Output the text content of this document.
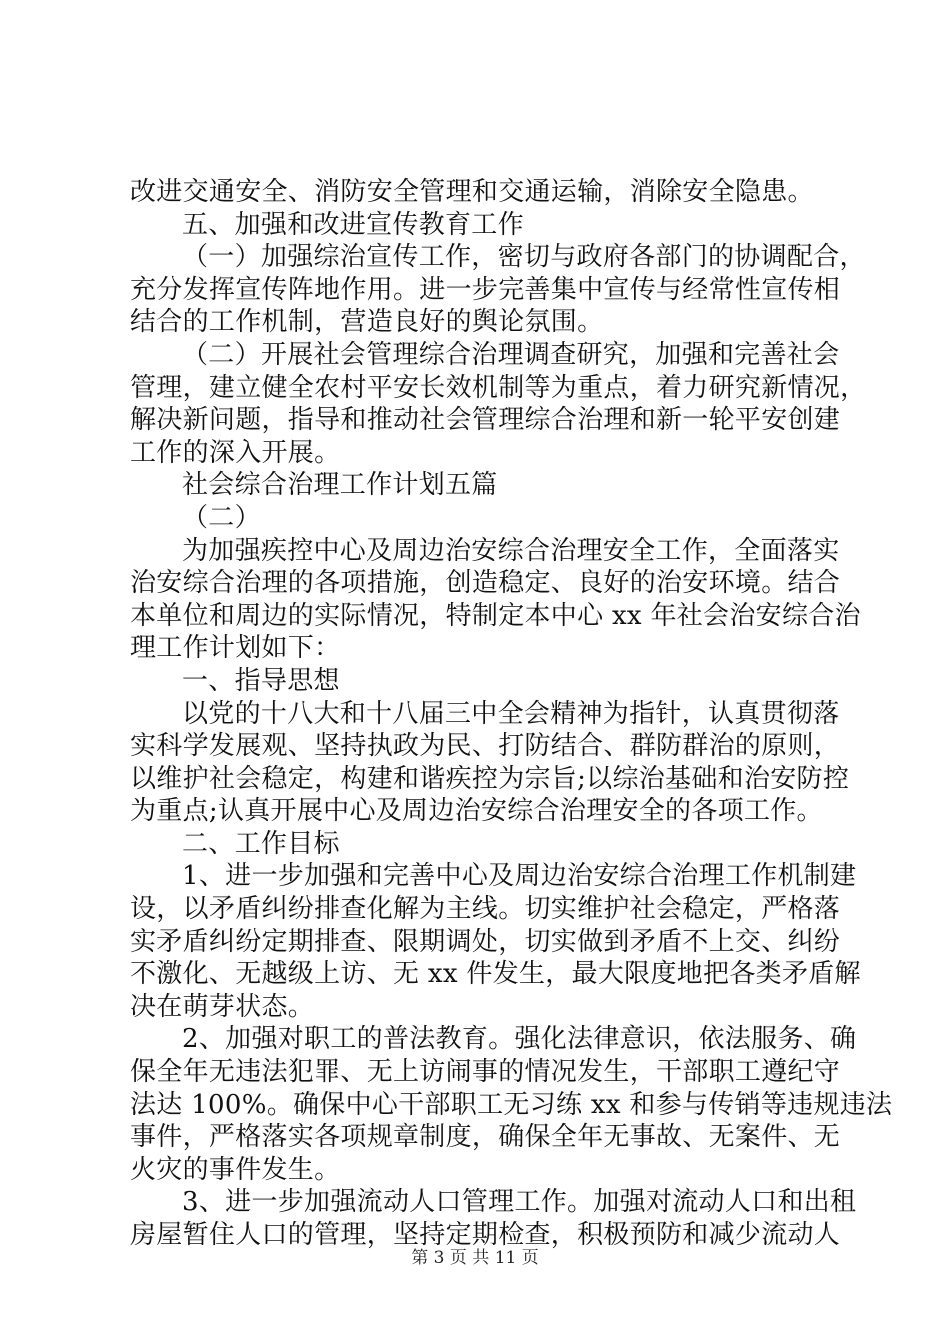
改进交通安全、消防安全管理和交通运输，消除安全隐患。
五、加强和改进宣传教育工作
（一）加强综治宣传工作，密切与政府各部门的协调配合，
充分发挥宣传阵地作用。进一步完善集中宣传与经常性宣传相
结合的工作机制，营造良好的舆论氛围。
（二）开展社会管理综合治理调查研究，加强和完善社会
管理，建立健全农村平安长效机制等为重点，着力研究新情况，
解决新问题，指导和推动社会管理综合治理和新一轮平安创建
工作的深入开展。
社会综合治理工作计划五篇
（二）
为加强疾控中心及周边治安综合治理安全工作，全面落实
治安综合治理的各项措施，创造稳定、良好的治安环境。结合
本单位和周边的实际情况，特制定本中心 xx 年社会治安综合治
理工作计划如下：
一、指导思想
以党的十八大和十八届三中全会精神为指针，认真贯彻落
实科学发展观、坚持执政为民、打防结合、群防群治的原则，
以维护社会稳定，构建和谐疾控为宗旨;以综治基础和治安防控
为重点;认真开展中心及周边治安综合治理安全的各项工作。
二、工作目标
1、进一步加强和完善中心及周边治安综合治理工作机制建
设，以矛盾纠纷排查化解为主线。切实维护社会稳定，严格落
实矛盾纠纷定期排查、限期调处，切实做到矛盾不上交、纠纷
不激化、无越级上访、无 xx 件发生，最大限度地把各类矛盾解
决在萌芽状态。
2、加强对职工的普法教育。强化法律意识，依法服务、确
保全年无违法犯罪、无上访闹事的情况发生，干部职工遵纪守
法达 100%。确保中心干部职工无习练 xx 和参与传销等违规违法
事件，严格落实各项规章制度，确保全年无事故、无案件、无
火灾的事件发生。
3、进一步加强流动人口管理工作。加强对流动人口和出租
房屋暂住人口的管理，坚持定期检查，积极预防和减少流动人
第 3 页 共 11 页
